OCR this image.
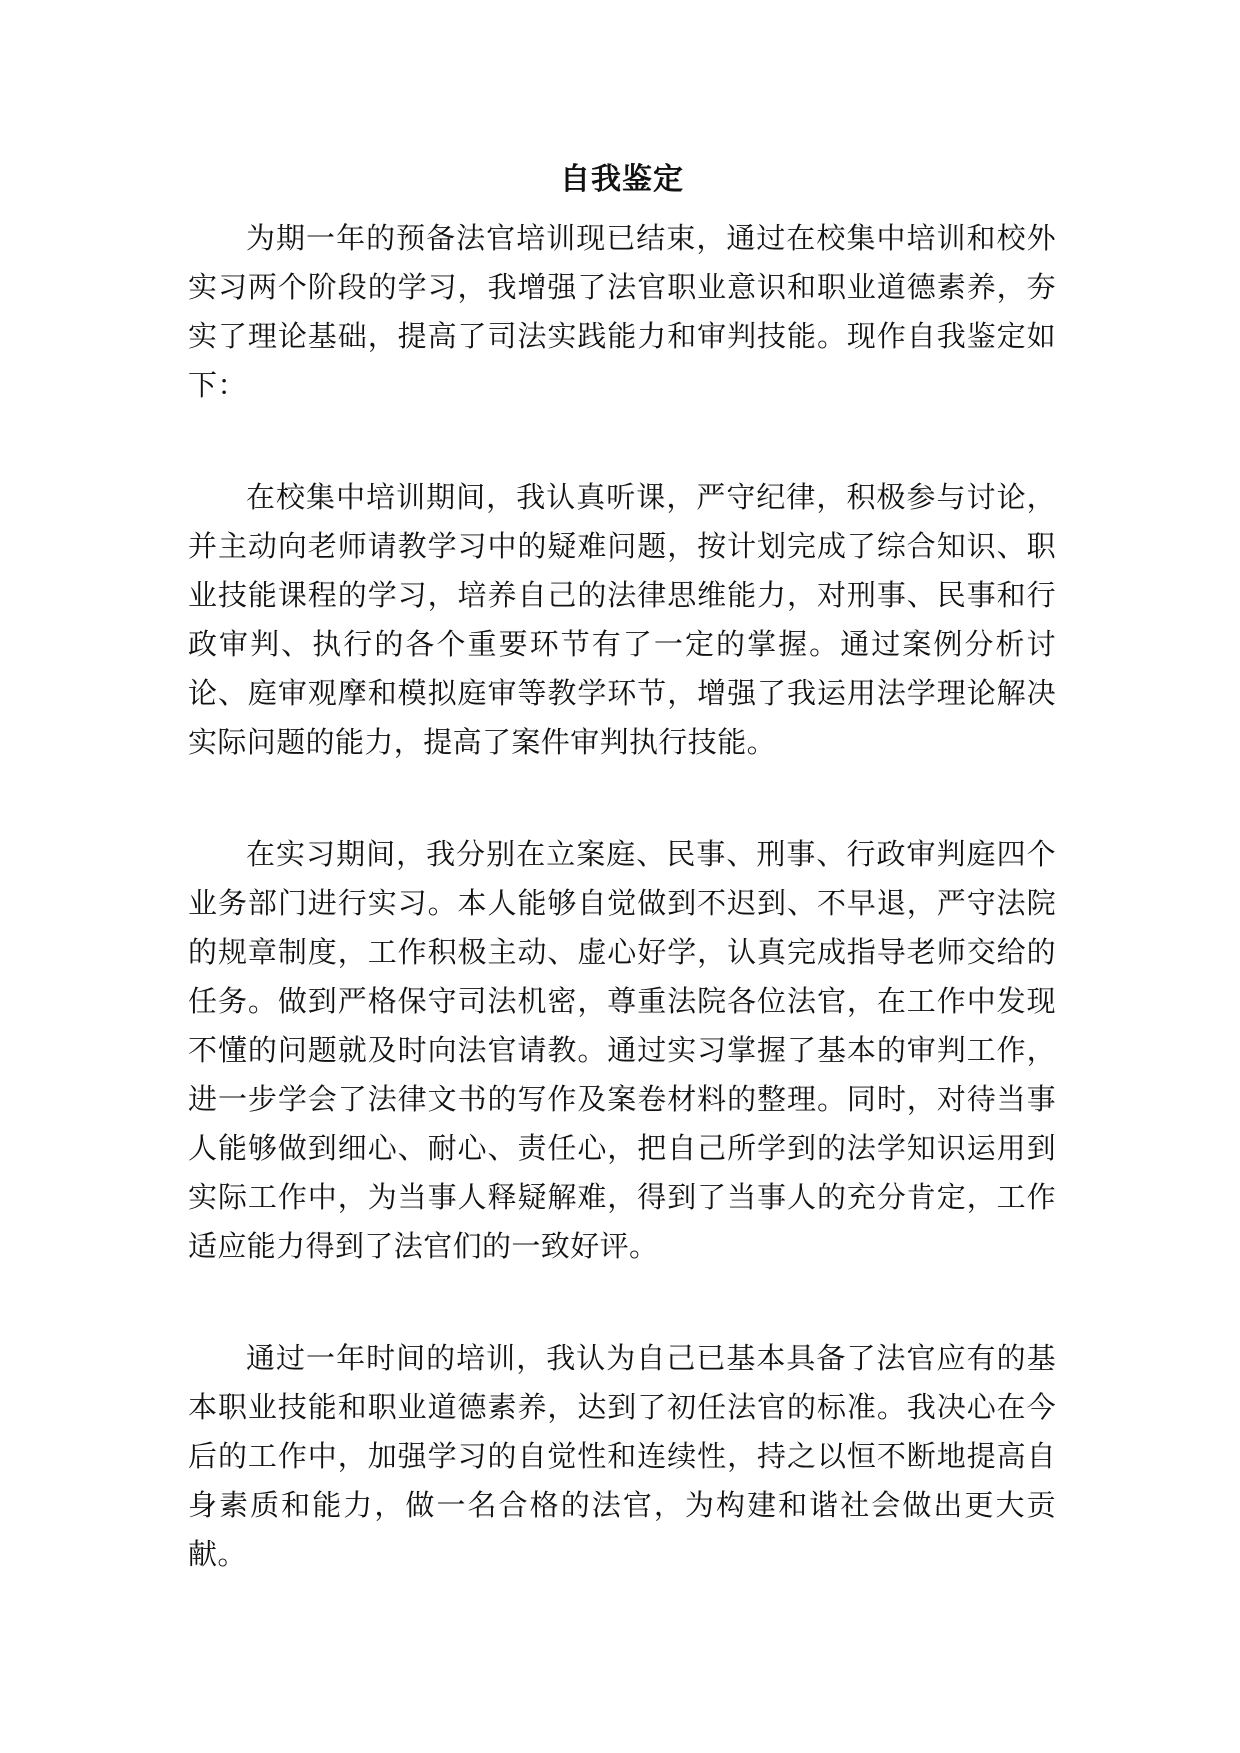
自我鉴定

为期一年的预备法官培训现已结束，通过在校集中培训和校外实习两个阶段的学习，我增强了法官职业意识和职业道德素养，夯实了理论基础，提高了司法实践能力和审判技能。现作自我鉴定如下：

在校集中培训期间，我认真听课，严守纪律，积极参与讨论，并主动向老师请教学习中的疑难问题，按计划完成了综合知识、职业技能课程的学习，培养自己的法律思维能力，对刑事、民事和行政审判、执行的各个重要环节有了一定的掌握。通过案例分析讨论、庭审观摩和模拟庭审等教学环节，增强了我运用法学理论解决实际问题的能力，提高了案件审判执行技能。

在实习期间，我分别在立案庭、民事、刑事、行政审判庭四个业务部门进行实习。本人能够自觉做到不迟到、不早退，严守法院的规章制度，工作积极主动、虚心好学，认真完成指导老师交给的任务。做到严格保守司法机密，尊重法院各位法官，在工作中发现不懂的问题就及时向法官请教。通过实习掌握了基本的审判工作，进一步学会了法律文书的写作及案卷材料的整理。同时，对待当事人能够做到细心、耐心、责任心，把自己所学到的法学知识运用到实际工作中，为当事人释疑解难，得到了当事人的充分肯定，工作适应能力得到了法官们的一致好评。

通过一年时间的培训，我认为自己已基本具备了法官应有的基本职业技能和职业道德素养，达到了初任法官的标准。我决心在今后的工作中，加强学习的自觉性和连续性，持之以恒不断地提高自身素质和能力，做一名合格的法官，为构建和谐社会做出更大贡献。
